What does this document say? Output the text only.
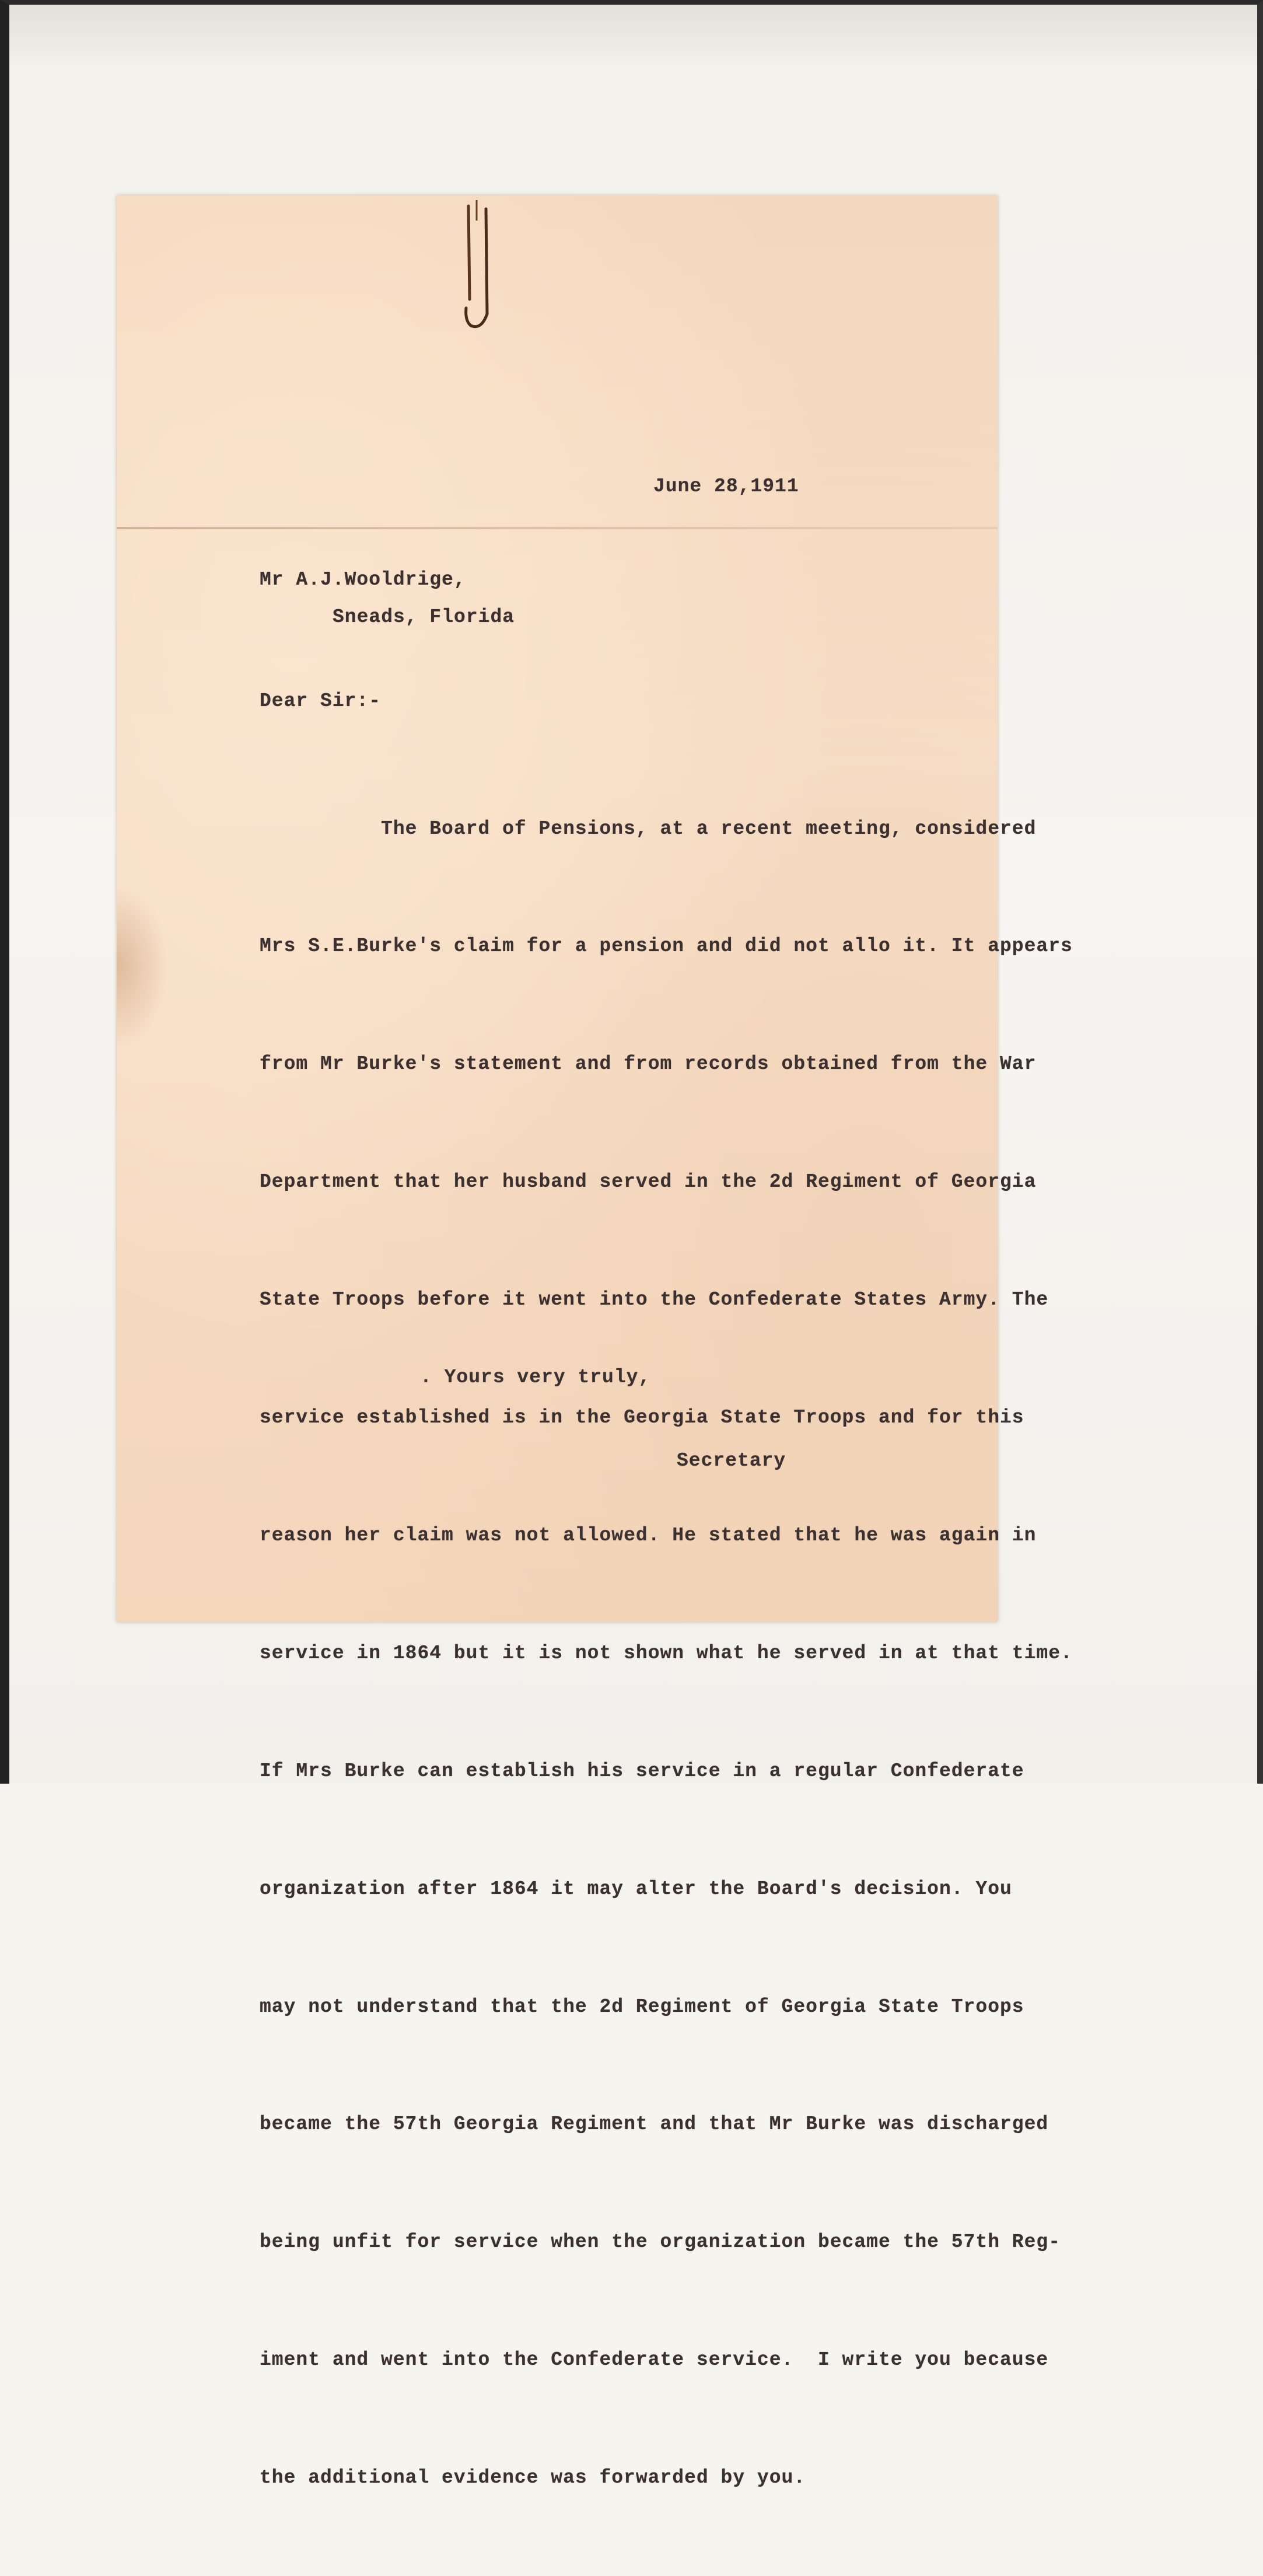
June 28,1911

Mr A.J.Wooldrige,

Sneads, Florida

Dear Sir:-

The Board of Pensions, at a recent meeting, considered

Mrs S.E.Burke's claim for a pension and did not allo it. It appears

from Mr Burke's statement and from records obtained from the War

Department that her husband served in the 2d Regiment of Georgia

State Troops before it went into the Confederate States Army. The

service established is in the Georgia State Troops and for this

reason her claim was not allowed. He stated that he was again in

service in 1864 but it is not shown what he served in at that time.

If Mrs Burke can establish his service in a regular Confederate

organization after 1864 it may alter the Board's decision. You

may not understand that the 2d Regiment of Georgia State Troops

became the 57th Georgia Regiment and that Mr Burke was discharged

being unfit for service when the organization became the 57th Reg-

iment and went into the Confederate service.  I write you because

the additional evidence was forwarded by you.

. Yours very truly,

Secretary
